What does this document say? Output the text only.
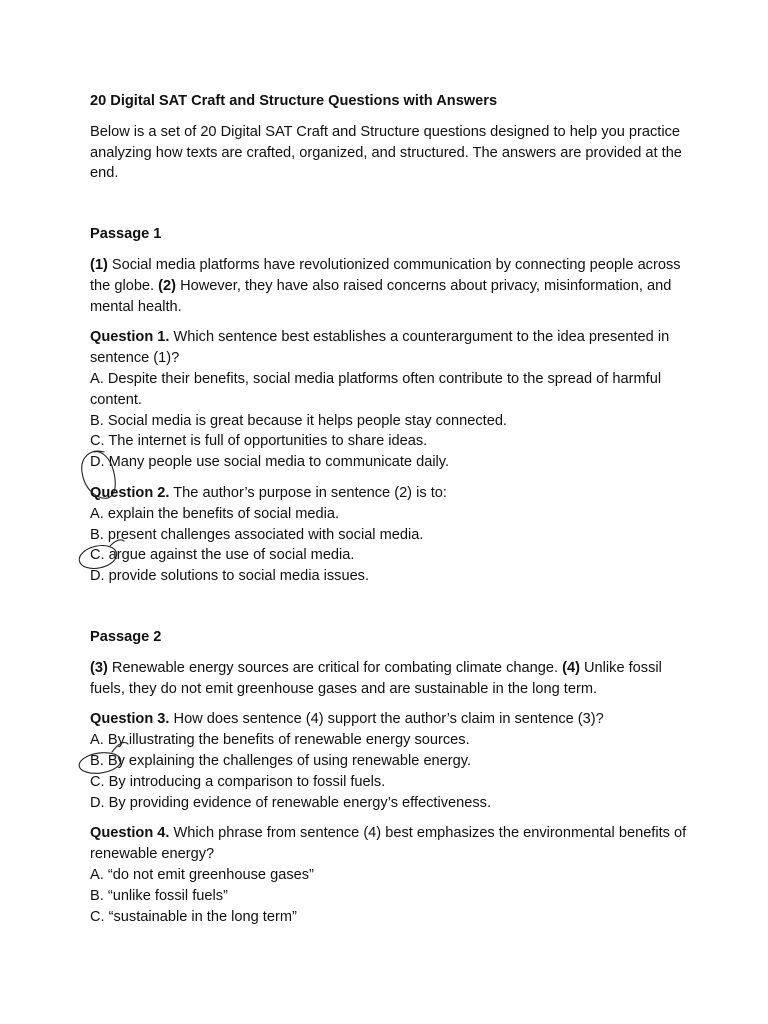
20 Digital SAT Craft and Structure Questions with Answers
Below is a set of 20 Digital SAT Craft and Structure questions designed to help you practice analyzing how texts are crafted, organized, and structured. The answers are provided at the end.
Passage 1
(1) Social media platforms have revolutionized communication by connecting people across the globe. (2) However, they have also raised concerns about privacy, misinformation, and mental health.
Question 1. Which sentence best establishes a counterargument to the idea presented in sentence (1)?
A. Despite their benefits, social media platforms often contribute to the spread of harmful content.
B. Social media is great because it helps people stay connected.
C. The internet is full of opportunities to share ideas.
D. Many people use social media to communicate daily.
Question 2. The author’s purpose in sentence (2) is to:
A. explain the benefits of social media.
B. present challenges associated with social media.
C. argue against the use of social media.
D. provide solutions to social media issues.
Passage 2
(3) Renewable energy sources are critical for combating climate change. (4) Unlike fossil fuels, they do not emit greenhouse gases and are sustainable in the long term.
Question 3. How does sentence (4) support the author’s claim in sentence (3)?
A. By illustrating the benefits of renewable energy sources.
B. By explaining the challenges of using renewable energy.
C. By introducing a comparison to fossil fuels.
D. By providing evidence of renewable energy’s effectiveness.
Question 4. Which phrase from sentence (4) best emphasizes the environmental benefits of renewable energy?
A. “do not emit greenhouse gases”
B. “unlike fossil fuels”
C. “sustainable in the long term”
